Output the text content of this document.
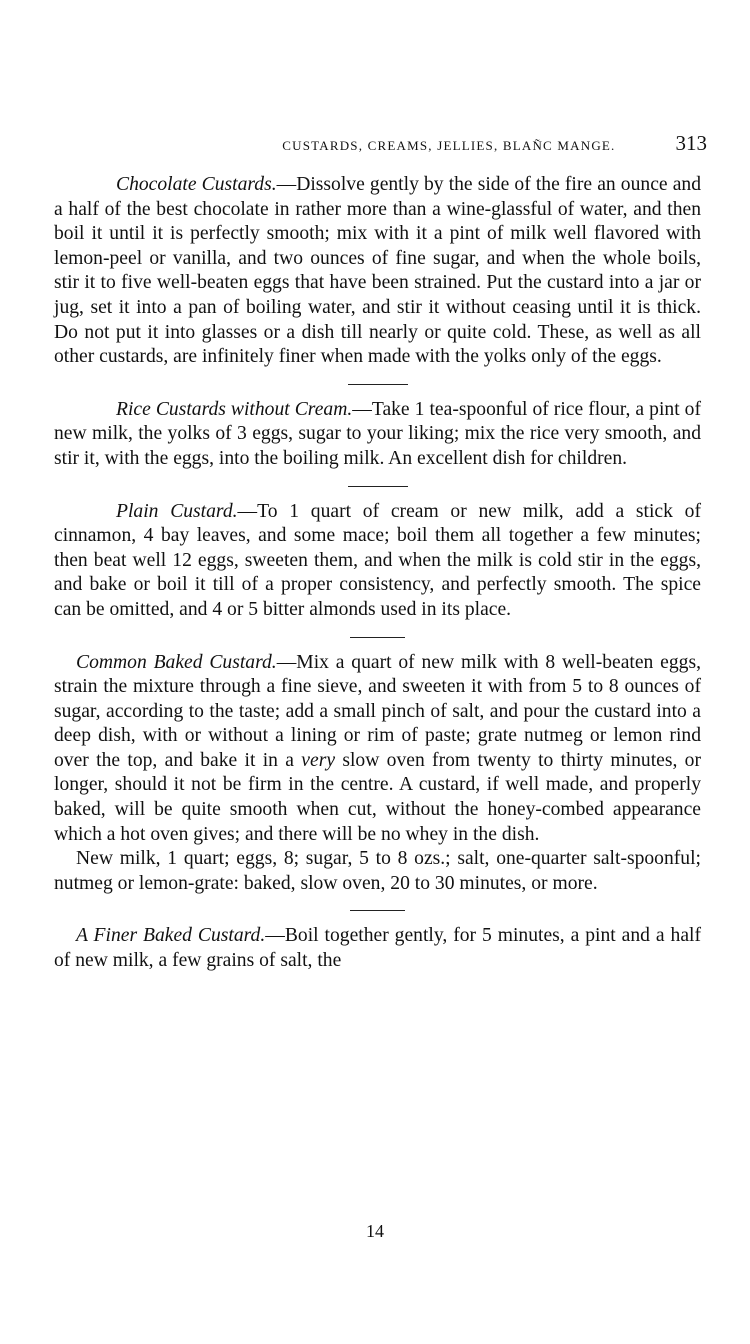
CUSTARDS, CREAMS, JELLIES, BLAÑC MANGE.	313

Chocolate Custards.—Dissolve gently by the side of the fire an ounce and a half of the best chocolate in rather more than a wine-glassful of water, and then boil it until it is perfectly smooth; mix with it a pint of milk well flavored with lemon-peel or vanilla, and two ounces of fine sugar, and when the whole boils, stir it to five well-beaten eggs that have been strained. Put the custard into a jar or jug, set it into a pan of boiling water, and stir it without ceasing until it is thick. Do not put it into glasses or a dish till nearly or quite cold. These, as well as all other custards, are infinitely finer when made with the yolks only of the eggs.

Rice Custards without Cream.—Take 1 tea-spoonful of rice flour, a pint of new milk, the yolks of 3 eggs, sugar to your liking; mix the rice very smooth, and stir it, with the eggs, into the boiling milk. An excellent dish for children.

Plain Custard.—To 1 quart of cream or new milk, add a stick of cinnamon, 4 bay leaves, and some mace; boil them all together a few minutes; then beat well 12 eggs, sweeten them, and when the milk is cold stir in the eggs, and bake or boil it till of a proper consistency, and perfectly smooth. The spice can be omitted, and 4 or 5 bitter almonds used in its place.

Common Baked Custard.—Mix a quart of new milk with 8 well-beaten eggs, strain the mixture through a fine sieve, and sweeten it with from 5 to 8 ounces of sugar, according to the taste; add a small pinch of salt, and pour the custard into a deep dish, with or without a lining or rim of paste; grate nutmeg or lemon rind over the top, and bake it in a very slow oven from twenty to thirty minutes, or longer, should it not be firm in the centre. A custard, if well made, and properly baked, will be quite smooth when cut, without the honey-combed appearance which a hot oven gives; and there will be no whey in the dish.

New milk, 1 quart; eggs, 8; sugar, 5 to 8 ozs.; salt, one-quarter salt-spoonful; nutmeg or lemon-grate: baked, slow oven, 20 to 30 minutes, or more.

A Finer Baked Custard.—Boil together gently, for 5 minutes, a pint and a half of new milk, a few grains of salt, the

14
